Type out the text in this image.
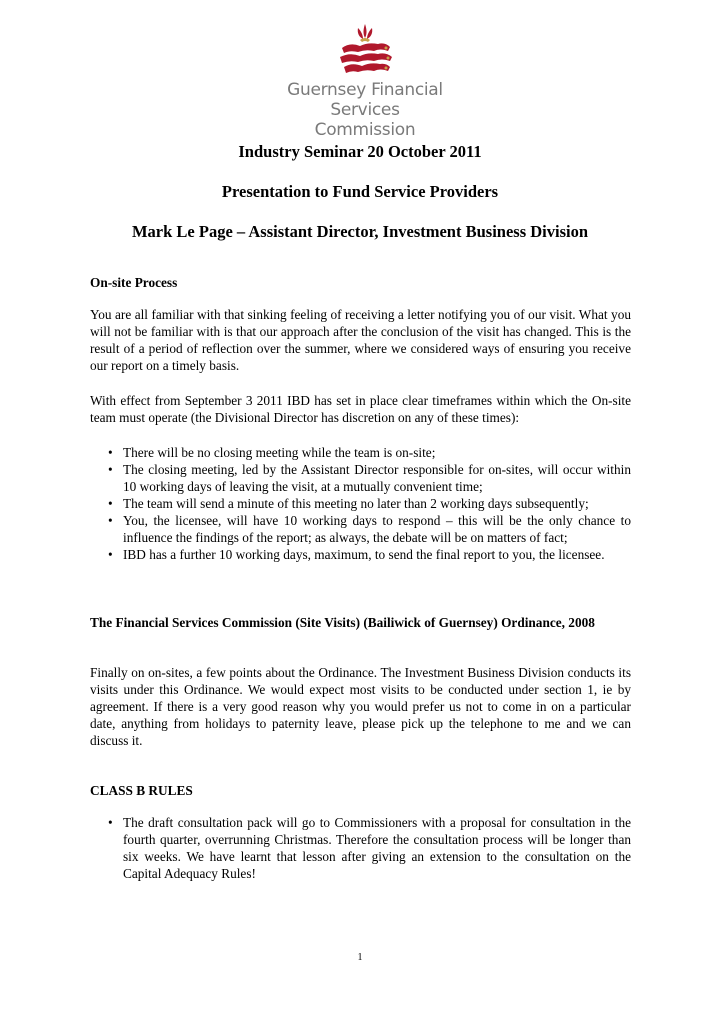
Guernsey Financial
Services Commission
Industry Seminar 20 October 2011
Presentation to Fund Service Providers
Mark Le Page – Assistant Director, Investment Business Division
On-site Process

You are all familiar with that sinking feeling of receiving a letter notifying you of our visit. What you will not be familiar with is that our approach after the conclusion of the visit has changed. This is the result of a period of reflection over the summer, where we considered ways of ensuring you receive our report on a timely basis.

With effect from September 3 2011 IBD has set in place clear timeframes within which the On-site team must operate (the Divisional Director has discretion on any of these times):

• There will be no closing meeting while the team is on-site;
• The closing meeting, led by the Assistant Director responsible for on-sites, will occur within 10 working days of leaving the visit, at a mutually convenient time;
• The team will send a minute of this meeting no later than 2 working days subsequently;
• You, the licensee, will have 10 working days to respond – this will be the only chance to influence the findings of the report; as always, the debate will be on matters of fact;
• IBD has a further 10 working days, maximum, to send the final report to you, the licensee.

The Financial Services Commission (Site Visits) (Bailiwick of Guernsey) Ordinance, 2008

Finally on on-sites, a few points about the Ordinance. The Investment Business Division conducts its visits under this Ordinance. We would expect most visits to be conducted under section 1, ie by agreement. If there is a very good reason why you would prefer us not to come in on a particular date, anything from holidays to paternity leave, please pick up the telephone to me and we can discuss it.

CLASS B RULES
• The draft consultation pack will go to Commissioners with a proposal for consultation in the fourth quarter, overrunning Christmas. Therefore the consultation process will be longer than six weeks. We have learnt that lesson after giving an extension to the consultation on the Capital Adequacy Rules!
1
